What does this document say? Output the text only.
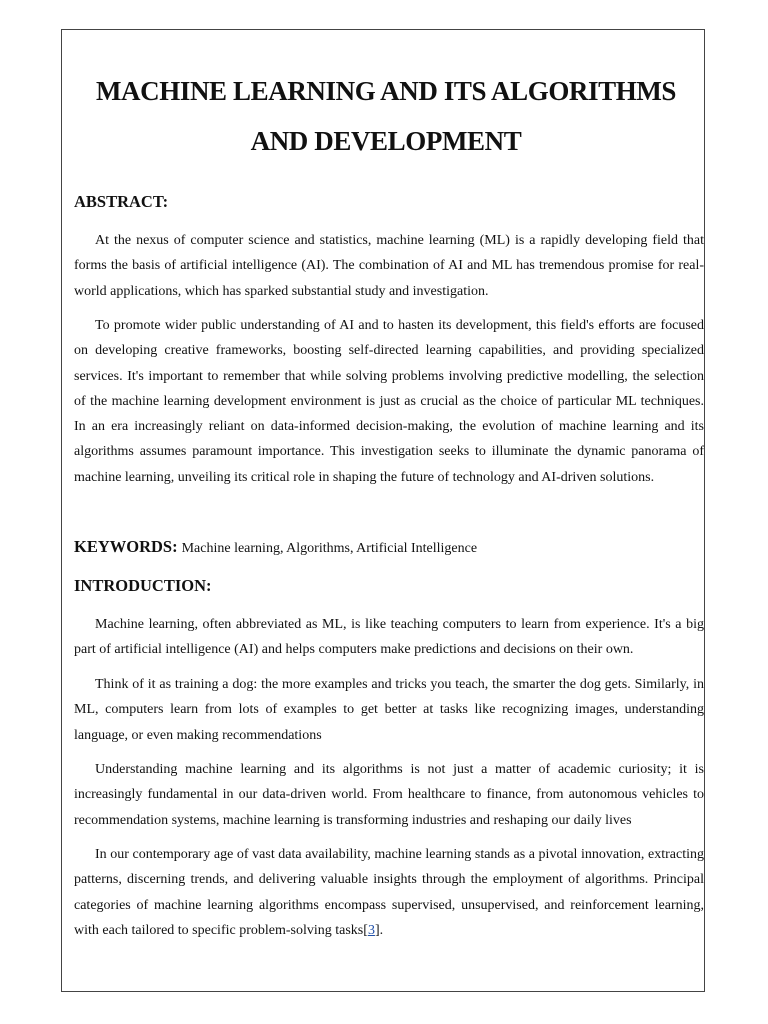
MACHINE LEARNING AND ITS ALGORITHMS
AND DEVELOPMENT
ABSTRACT:

At the nexus of computer science and statistics, machine learning (ML) is a rapidly developing field that forms the basis of artificial intelligence (AI). The combination of AI and ML has tremendous promise for real-world applications, which has sparked substantial study and investigation.

To promote wider public understanding of AI and to hasten its development, this field's efforts are focused on developing creative frameworks, boosting self-directed learning capabilities, and providing specialized services. It's important to remember that while solving problems involving predictive modelling, the selection of the machine learning development environment is just as crucial as the choice of particular ML techniques. In an era increasingly reliant on data-informed decision-making, the evolution of machine learning and its algorithms assumes paramount importance. This investigation seeks to illuminate the dynamic panorama of machine learning, unveiling its critical role in shaping the future of technology and AI-driven solutions.

KEYWORDS: Machine learning, Algorithms, Artificial Intelligence
INTRODUCTION:

Machine learning, often abbreviated as ML, is like teaching computers to learn from experience. It's a big part of artificial intelligence (AI) and helps computers make predictions and decisions on their own.

Think of it as training a dog: the more examples and tricks you teach, the smarter the dog gets. Similarly, in ML, computers learn from lots of examples to get better at tasks like recognizing images, understanding language, or even making recommendations

Understanding machine learning and its algorithms is not just a matter of academic curiosity; it is increasingly fundamental in our data-driven world. From healthcare to finance, from autonomous vehicles to recommendation systems, machine learning is transforming industries and reshaping our daily lives

In our contemporary age of vast data availability, machine learning stands as a pivotal innovation, extracting patterns, discerning trends, and delivering valuable insights through the employment of algorithms. Principal categories of machine learning algorithms encompass supervised, unsupervised, and reinforcement learning, with each tailored to specific problem-solving tasks[3].
